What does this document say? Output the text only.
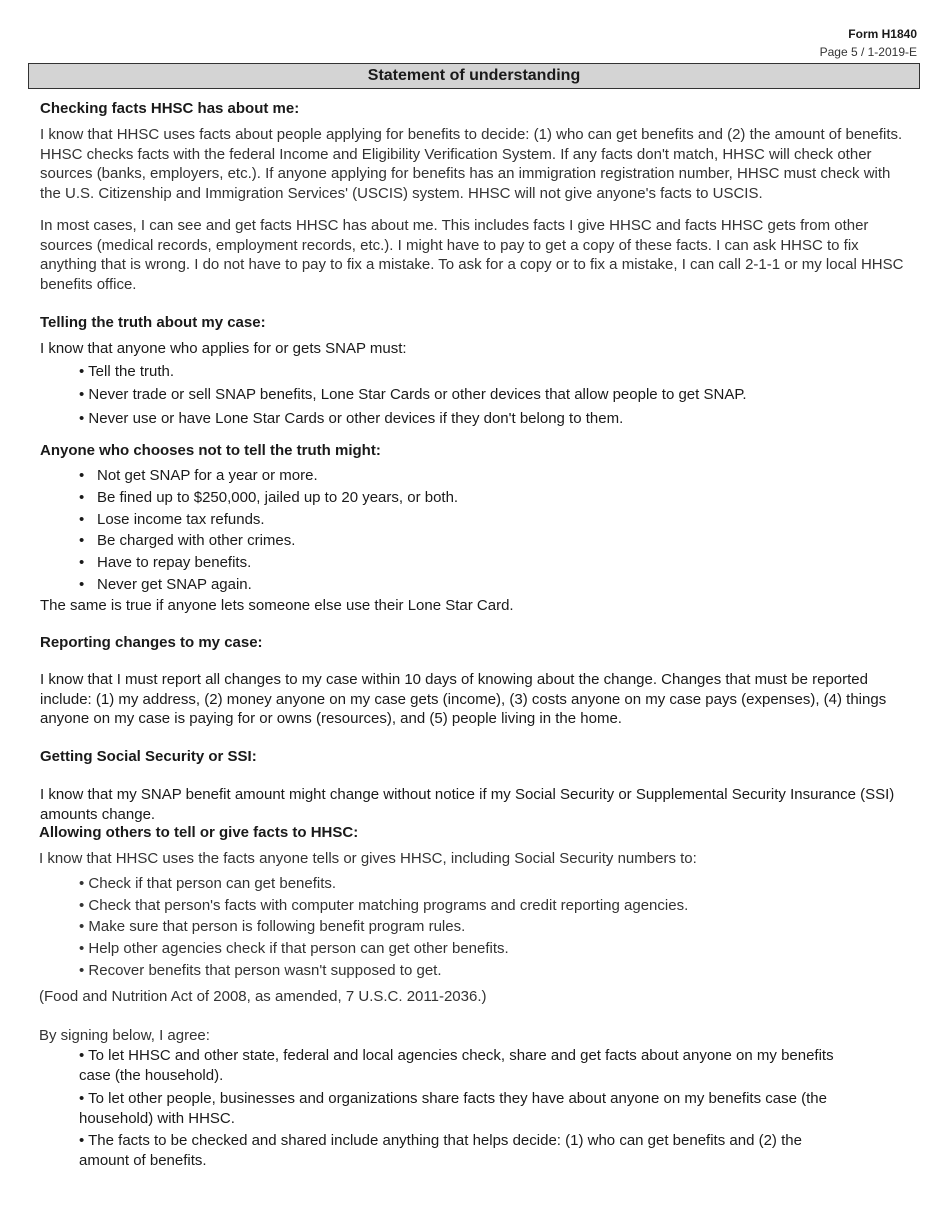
Form H1840
Page 5 / 1-2019-E
Statement of understanding
Checking facts HHSC has about me:
I know that HHSC uses facts about people applying for benefits to decide: (1) who can get benefits and (2) the amount of benefits. HHSC checks facts with the federal Income and Eligibility Verification System. If any facts don't match, HHSC will check other sources (banks, employers, etc.). If anyone applying for benefits has an immigration registration number, HHSC must check with the U.S. Citizenship and Immigration Services' (USCIS) system. HHSC will not give anyone's facts to USCIS.
In most cases, I can see and get facts HHSC has about me. This includes facts I give HHSC and facts HHSC gets from other sources (medical records, employment records, etc.). I might have to pay to get a copy of these facts. I can ask HHSC to fix anything that is wrong. I do not have to pay to fix a mistake. To ask for a copy or to fix a mistake, I can call 2-1-1 or my local HHSC benefits office.
Telling the truth about my case:
I know that anyone who applies for or gets SNAP must:
• Tell the truth.
• Never trade or sell SNAP benefits, Lone Star Cards or other devices that allow people to get SNAP.
• Never use or have Lone Star Cards or other devices if they don't belong to them.
Anyone who chooses not to tell the truth might:
• Not get SNAP for a year or more.
• Be fined up to $250,000, jailed up to 20 years, or both.
• Lose income tax refunds.
• Be charged with other crimes.
• Have to repay benefits.
• Never get SNAP again.
The same is true if anyone lets someone else use their Lone Star Card.
Reporting changes to my case:
I know that I must report all changes to my case within 10 days of knowing about the change. Changes that must be reported include: (1) my address, (2) money anyone on my case gets (income), (3) costs anyone on my case pays (expenses), (4) things anyone on my case is paying for or owns (resources), and (5) people living in the home.
Getting Social Security or SSI:
I know that my SNAP benefit amount might change without notice if my Social Security or Supplemental Security Insurance (SSI) amounts change.
Allowing others to tell or give facts to HHSC:
I know that HHSC uses the facts anyone tells or gives HHSC, including Social Security numbers to:
• Check if that person can get benefits.
• Check that person's facts with computer matching programs and credit reporting agencies.
• Make sure that person is following benefit program rules.
• Help other agencies check if that person can get other benefits.
• Recover benefits that person wasn't supposed to get.
(Food and Nutrition Act of 2008, as amended, 7 U.S.C. 2011-2036.)
By signing below, I agree:
• To let HHSC and other state, federal and local agencies check, share and get facts about anyone on my benefits case (the household).
• To let other people, businesses and organizations share facts they have about anyone on my benefits case (the household) with HHSC.
• The facts to be checked and shared include anything that helps decide: (1) who can get benefits and (2) the amount of benefits.
